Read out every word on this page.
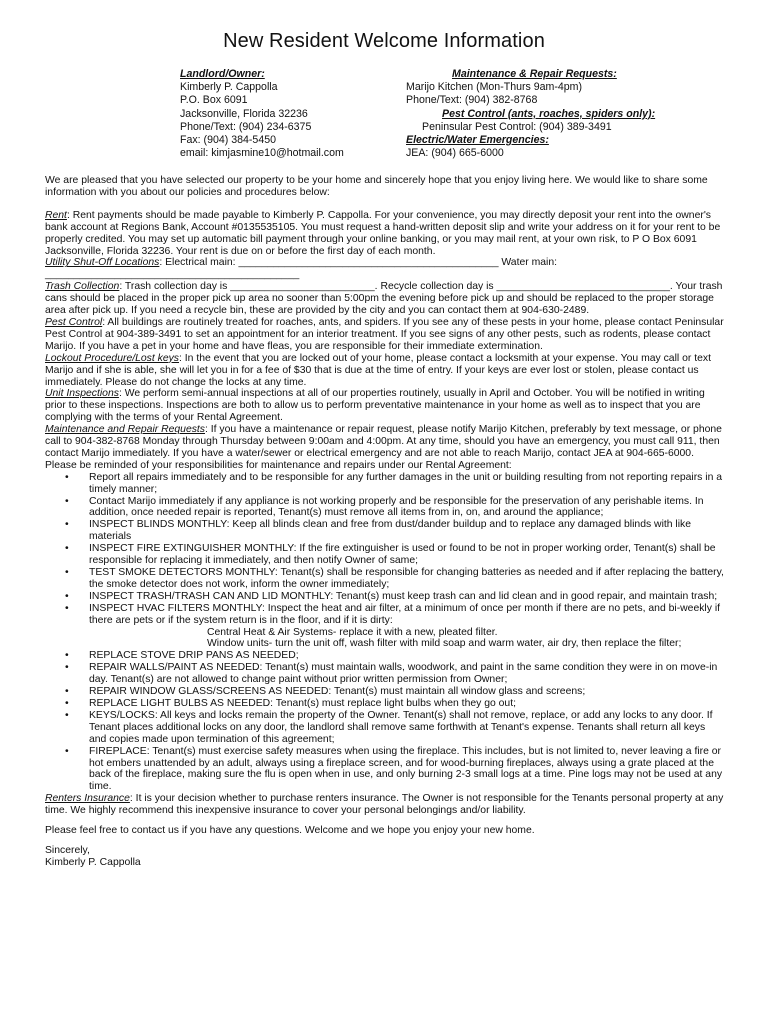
New Resident Welcome Information
Landlord/Owner:
Kimberly P. Cappolla
P.O. Box 6091
Jacksonville, Florida 32236
Phone/Text: (904) 234-6375
Fax: (904) 384-5450
email: kimjasmine10@hotmail.com
Maintenance & Repair Requests:
Marijo Kitchen (Mon-Thurs 9am-4pm)
Phone/Text: (904) 382-8768
Pest Control (ants, roaches, spiders only):
Peninsular Pest Control: (904) 389-3491
Electric/Water Emergencies:
JEA: (904) 665-6000

We are pleased that you have selected our property to be your home and sincerely hope that you enjoy living here. We would like to share some information with you about our policies and procedures below:

Rent: Rent payments should be made payable to Kimberly P. Cappolla. For your convenience, you may directly deposit your rent into the owner's bank account at Regions Bank, Account #0135535105. You must request a hand-written deposit slip and write your address on it for your rent to be properly credited. You may set up automatic bill payment through your online banking, or you may mail rent, at your own risk, to P O Box 6091 Jacksonville, Florida 32236. Your rent is due on or before the first day of each month.

Utility Shut-Off Locations: Electrical main: _____________________________________________ Water main: ____________________________________________

Trash Collection: Trash collection day is _________________________. Recycle collection day is ______________________________. Your trash cans should be placed in the proper pick up area no sooner than 5:00pm the evening before pick up and should be replaced to the proper storage area after pick up. If you need a recycle bin, these are provided by the city and you can contact them at 904-630-2489.

Pest Control: All buildings are routinely treated for roaches, ants, and spiders. If you see any of these pests in your home, please contact Peninsular Pest Control at 904-389-3491 to set an appointment for an interior treatment. If you see signs of any other pests, such as rodents, please contact Marijo. If you have a pet in your home and have fleas, you are responsible for their immediate extermination.

Lockout Procedure/Lost keys: In the event that you are locked out of your home, please contact a locksmith at your expense. You may call or text Marijo and if she is able, she will let you in for a fee of $30 that is due at the time of entry. If your keys are ever lost or stolen, please contact us immediately. Please do not change the locks at any time.

Unit Inspections: We perform semi-annual inspections at all of our properties routinely, usually in April and October. You will be notified in writing prior to these inspections. Inspections are both to allow us to perform preventative maintenance in your home as well as to inspect that you are complying with the terms of your Rental Agreement.

Maintenance and Repair Requests: If you have a maintenance or repair request, please notify Marijo Kitchen, preferably by text message, or phone call to 904-382-8768 Monday through Thursday between 9:00am and 4:00pm. At any time, should you have an emergency, you must call 911, then contact Marijo immediately. If you have a water/sewer or electrical emergency and are not able to reach Marijo, contact JEA at 904-665-6000. Please be reminded of your responsibilities for maintenance and repairs under our Rental Agreement:

• Report all repairs immediately and to be responsible for any further damages in the unit or building resulting from not reporting repairs in a timely manner;
• Contact Marijo immediately if any appliance is not working properly and be responsible for the preservation of any perishable items. In addition, once needed repair is reported, Tenant(s) must remove all items from in, on, and around the appliance;
• INSPECT BLINDS MONTHLY: Keep all blinds clean and free from dust/dander buildup and to replace any damaged blinds with like materials
• INSPECT FIRE EXTINGUISHER MONTHLY: If the fire extinguisher is used or found to be not in proper working order, Tenant(s) shall be responsible for replacing it immediately, and then notify Owner of same;
• TEST SMOKE DETECTORS MONTHLY: Tenant(s) shall be responsible for changing batteries as needed and if after replacing the battery, the smoke detector does not work, inform the owner immediately;
• INSPECT TRASH/TRASH CAN AND LID MONTHLY: Tenant(s) must keep trash can and lid clean and in good repair, and maintain trash;
• INSPECT HVAC FILTERS MONTHLY: Inspect the heat and air filter, at a minimum of once per month if there are no pets, and bi-weekly if there are pets or if the system return is in the floor, and if it is dirty:
Central Heat & Air Systems- replace it with a new, pleated filter.
Window units- turn the unit off, wash filter with mild soap and warm water, air dry, then replace the filter;
• REPLACE STOVE DRIP PANS AS NEEDED;
• REPAIR WALLS/PAINT AS NEEDED: Tenant(s) must maintain walls, woodwork, and paint in the same condition they were in on move-in day. Tenant(s) are not allowed to change paint without prior written permission from Owner;
• REPAIR WINDOW GLASS/SCREENS AS NEEDED: Tenant(s) must maintain all window glass and screens;
• REPLACE LIGHT BULBS AS NEEDED: Tenant(s) must replace light bulbs when they go out;
• KEYS/LOCKS: All keys and locks remain the property of the Owner. Tenant(s) shall not remove, replace, or add any locks to any door. If Tenant places additional locks on any door, the landlord shall remove same forthwith at Tenant's expense. Tenants shall return all keys and copies made upon termination of this agreement;
• FIREPLACE: Tenant(s) must exercise safety measures when using the fireplace. This includes, but is not limited to, never leaving a fire or hot embers unattended by an adult, always using a fireplace screen, and for wood-burning fireplaces, always using a grate placed at the back of the fireplace, making sure the flu is open when in use, and only burning 2-3 small logs at a time. Pine logs may not be used at any time.

Renters Insurance: It is your decision whether to purchase renters insurance. The Owner is not responsible for the Tenants personal property at any time. We highly recommend this inexpensive insurance to cover your personal belongings and/or liability.

Please feel free to contact us if you have any questions. Welcome and we hope you enjoy your new home.

Sincerely,

Kimberly P. Cappolla
